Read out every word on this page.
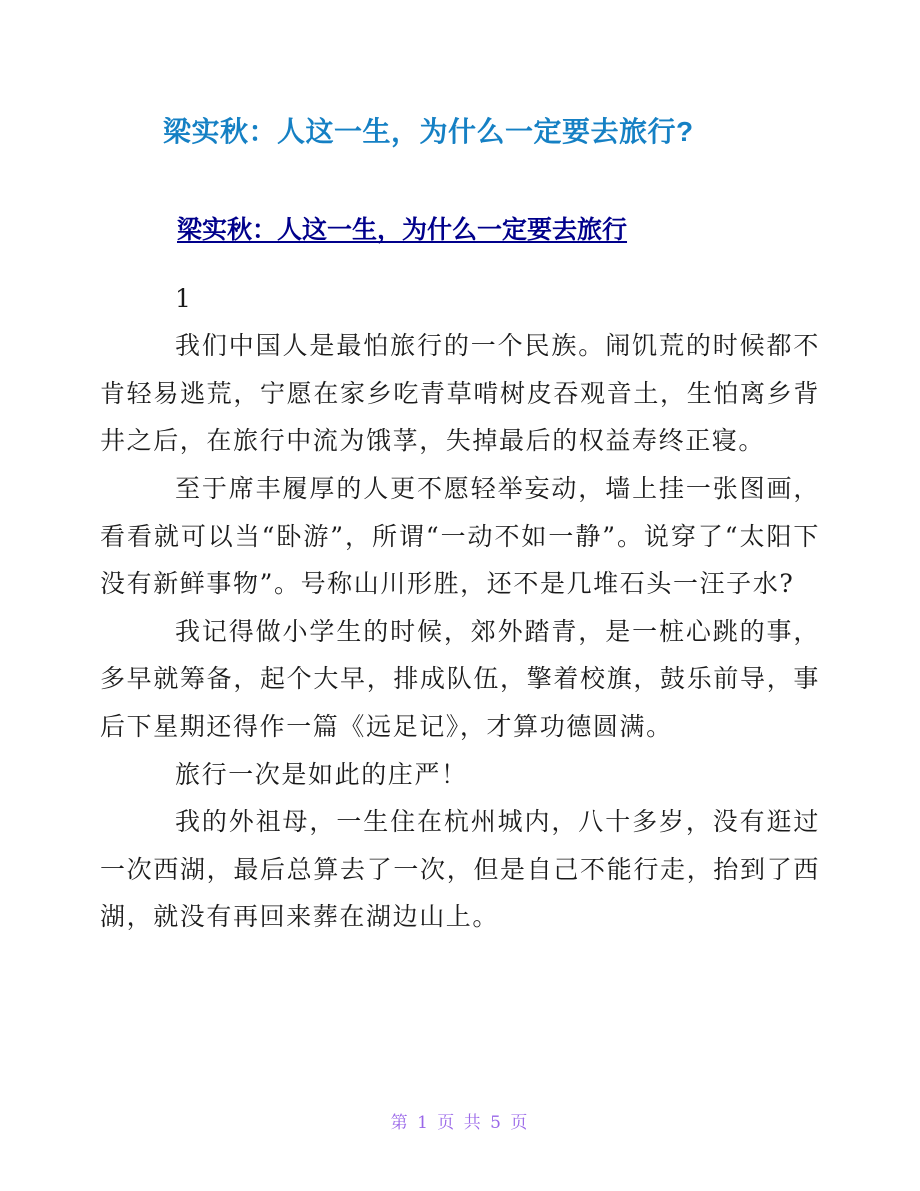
梁实秋：人这一生，为什么一定要去旅行?
梁实秋：人这一生，为什么一定要去旅行

1

我们中国人是最怕旅行的一个民族。闹饥荒的时候都不肯轻易逃荒，宁愿在家乡吃青草啃树皮吞观音土，生怕离乡背井之后，在旅行中流为饿莩，失掉最后的权益寿终正寝。

至于席丰履厚的人更不愿轻举妄动，墙上挂一张图画，看看就可以当“卧游”，所谓“一动不如一静”。说穿了“太阳下没有新鲜事物”。号称山川形胜，还不是几堆石头一汪子水?

我记得做小学生的时候，郊外踏青，是一桩心跳的事，多早就筹备，起个大早，排成队伍，擎着校旗，鼓乐前导，事后下星期还得作一篇《远足记》，才算功德圆满。

旅行一次是如此的庄严！

我的外祖母，一生住在杭州城内，八十多岁，没有逛过一次西湖，最后总算去了一次，但是自己不能行走，抬到了西湖，就没有再回来葬在湖边山上。

第 1 页 共 5 页
